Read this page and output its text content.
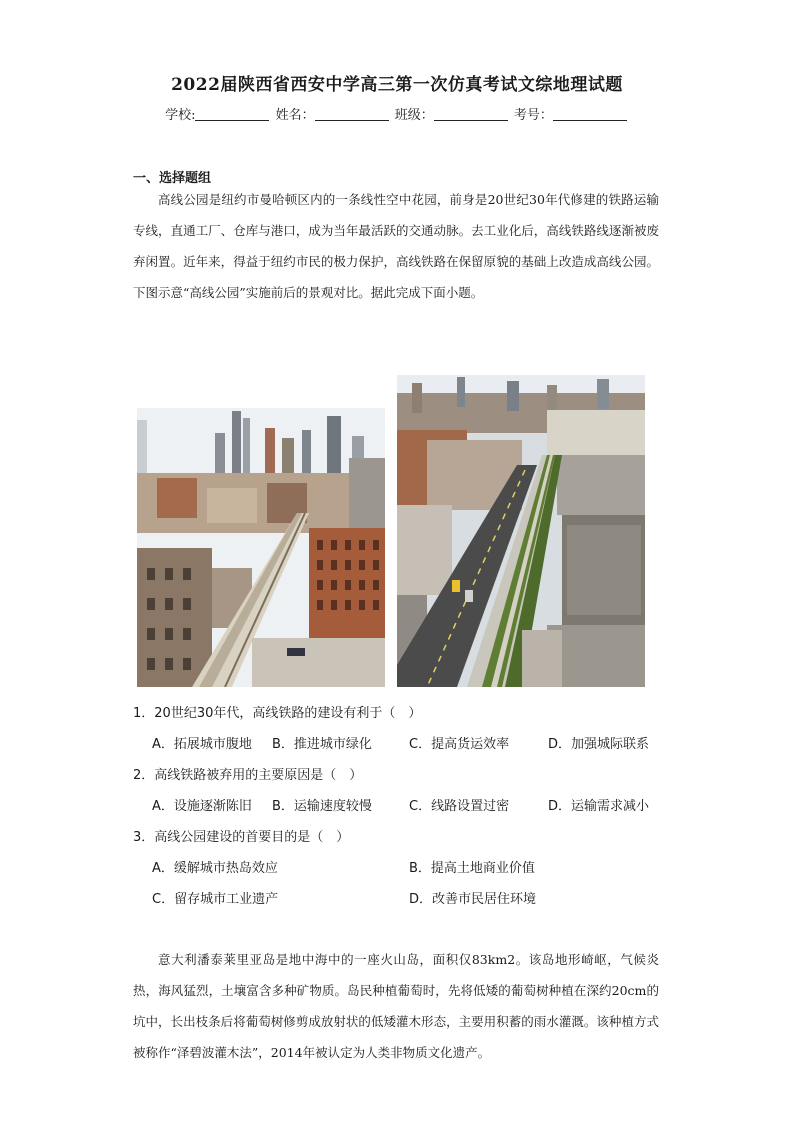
2022届陕西省西安中学高三第一次仿真考试文综地理试题
学校:	姓名：	班级：	考号：
一、选择题组
高线公园是纽约市曼哈顿区内的一条线性空中花园，前身是20世纪30年代修建的铁路运输专线，直通工厂、仓库与港口，成为当年最活跃的交通动脉。去工业化后，高线铁路线逐渐被废弃闲置。近年来，得益于纽约市民的极力保护，高线铁路在保留原貌的基础上改造成高线公园。下图示意“高线公园”实施前后的景观对比。据此完成下面小题。
1．20世纪30年代，高线铁路的建设有利于（　）
A．拓展城市腹地 B．推进城市绿化	C．提高货运效率	D．加强城际联系
2．高线铁路被弃用的主要原因是（　）
A．设施逐渐陈旧 B．运输速度较慢	C．线路设置过密	D．运输需求减小
3．高线公园建设的首要目的是（　）
A．缓解城市热岛效应	B．提高土地商业价值
C．留存城市工业遗产	D．改善市民居住环境
意大利潘泰莱里亚岛是地中海中的一座火山岛，面积仅83km2。该岛地形崎岖，气候炎热，海风猛烈，土壤富含多种矿物质。岛民种植葡萄时，先将低矮的葡萄树种植在深约20cm的坑中，长出枝条后将葡萄树修剪成放射状的低矮灌木形态，主要用积蓄的雨水灌溉。该种植方式被称作“泽碧波灌木法”，2014年被认定为人类非物质文化遗产。
